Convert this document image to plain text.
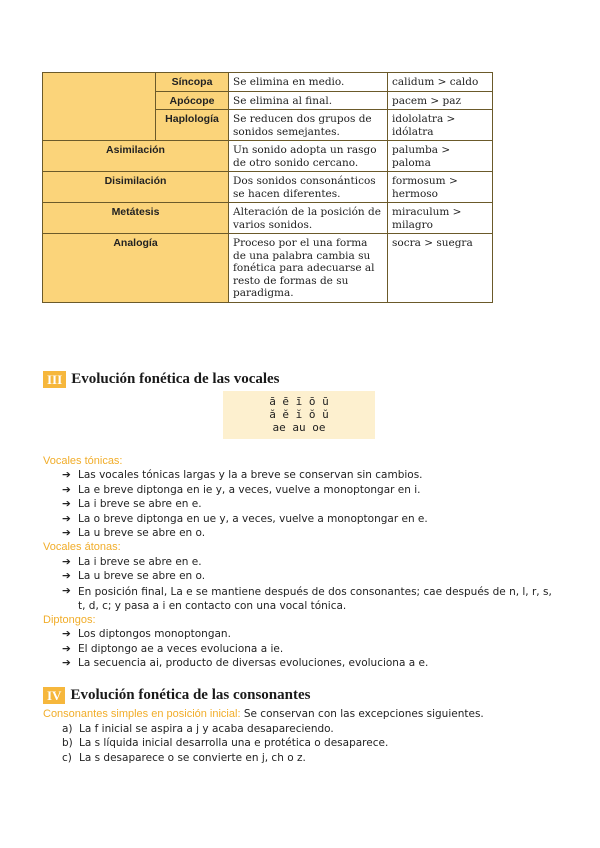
	Síncopa	Se elimina en medio.	calidum > caldo
	Apócope	Se elimina al final.	pacem > paz
	Haplología	Se reducen dos grupos de sonidos semejantes.	idololatra > idólatra
Asimilación		Un sonido adopta un rasgo de otro sonido cercano.	palumba > paloma
Disimilación		Dos sonidos consonánticos se hacen diferentes.	formosum > hermoso
Metátesis		Alteración de la posición de varios sonidos.	miraculum > milagro
Analogía		Proceso por el una forma de una palabra cambia su fonética para adecuarse al resto de formas de su paradigma.	socra > suegra
III Evolución fonética de las vocales
ā ē ī ō ū
ă ĕ ĭ ŏ ŭ
ae au oe
Vocales tónicas:
➔ Las vocales tónicas largas y la a breve se conservan sin cambios.
➔ La e breve diptonga en ie y, a veces, vuelve a monoptongar en i.
➔ La i breve se abre en e.
➔ La o breve diptonga en ue y, a veces, vuelve a monoptongar en e.
➔ La u breve se abre en o.
Vocales átonas:
➔ La i breve se abre en e.
➔ La u breve se abre en o.
➔ En posición final, La e se mantiene después de dos consonantes; cae después de n, l, r, s, t, d, c; y pasa a i en contacto con una vocal tónica.
Diptongos:
➔ Los diptongos monoptongan.
➔ El diptongo ae a veces evoluciona a ie.
➔ La secuencia ai, producto de diversas evoluciones, evoluciona a e.
IV Evolución fonética de las consonantes
Consonantes simples en posición inicial: Se conservan con las excepciones siguientes.
a) La f inicial se aspira a j y acaba desapareciendo.
b) La s líquida inicial desarrolla una e protética o desaparece.
c) La s desaparece o se convierte en j, ch o z.
